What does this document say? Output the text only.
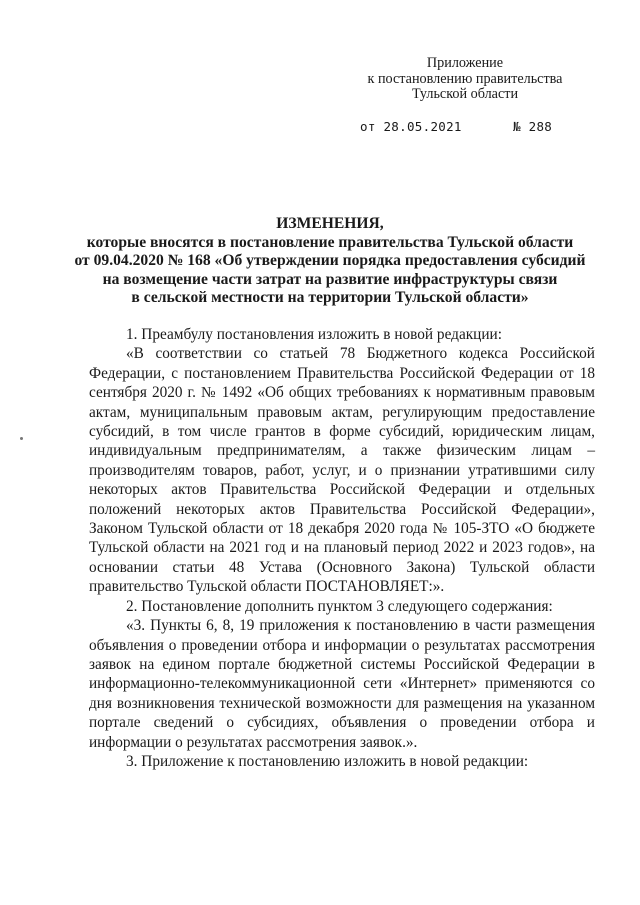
Приложение
к постановлению правительства
Тульской области
от 28.05.2021	№ 288
ИЗМЕНЕНИЯ,
которые вносятся в постановление правительства Тульской области
от 09.04.2020 № 168 «Об утверждении порядка предоставления субсидий
на возмещение части затрат на развитие инфраструктуры связи
в сельской местности на территории Тульской области»

1. Преамбулу постановления изложить в новой редакции:

«В соответствии со статьей 78 Бюджетного кодекса Российской Федерации, с постановлением Правительства Российской Федерации от 18 сентября 2020 г. № 1492 «Об общих требованиях к нормативным правовым актам, муниципальным правовым актам, регулирующим предоставление субсидий, в том числе грантов в форме субсидий, юридическим лицам, индивидуальным предпринимателям, а также физическим лицам – производителям товаров, работ, услуг, и о признании утратившими силу некоторых актов Правительства Российской Федерации и отдельных положений некоторых актов Правительства Российской Федерации», Законом Тульской области от 18 декабря 2020 года № 105-ЗТО «О бюджете Тульской области на 2021 год и на плановый период 2022 и 2023 годов», на основании статьи 48 Устава (Основного Закона) Тульской области правительство Тульской области ПОСТАНОВЛЯЕТ:».

2. Постановление дополнить пунктом 3 следующего содержания:

«3. Пункты 6, 8, 19 приложения к постановлению в части размещения объявления о проведении отбора и информации о результатах рассмотрения заявок на едином портале бюджетной системы Российской Федерации в информационно-телекоммуникационной сети «Интернет» применяются со дня возникновения технической возможности для размещения на указанном портале сведений о субсидиях, объявления о проведении отбора и информации о результатах рассмотрения заявок.».

3. Приложение к постановлению изложить в новой редакции:
